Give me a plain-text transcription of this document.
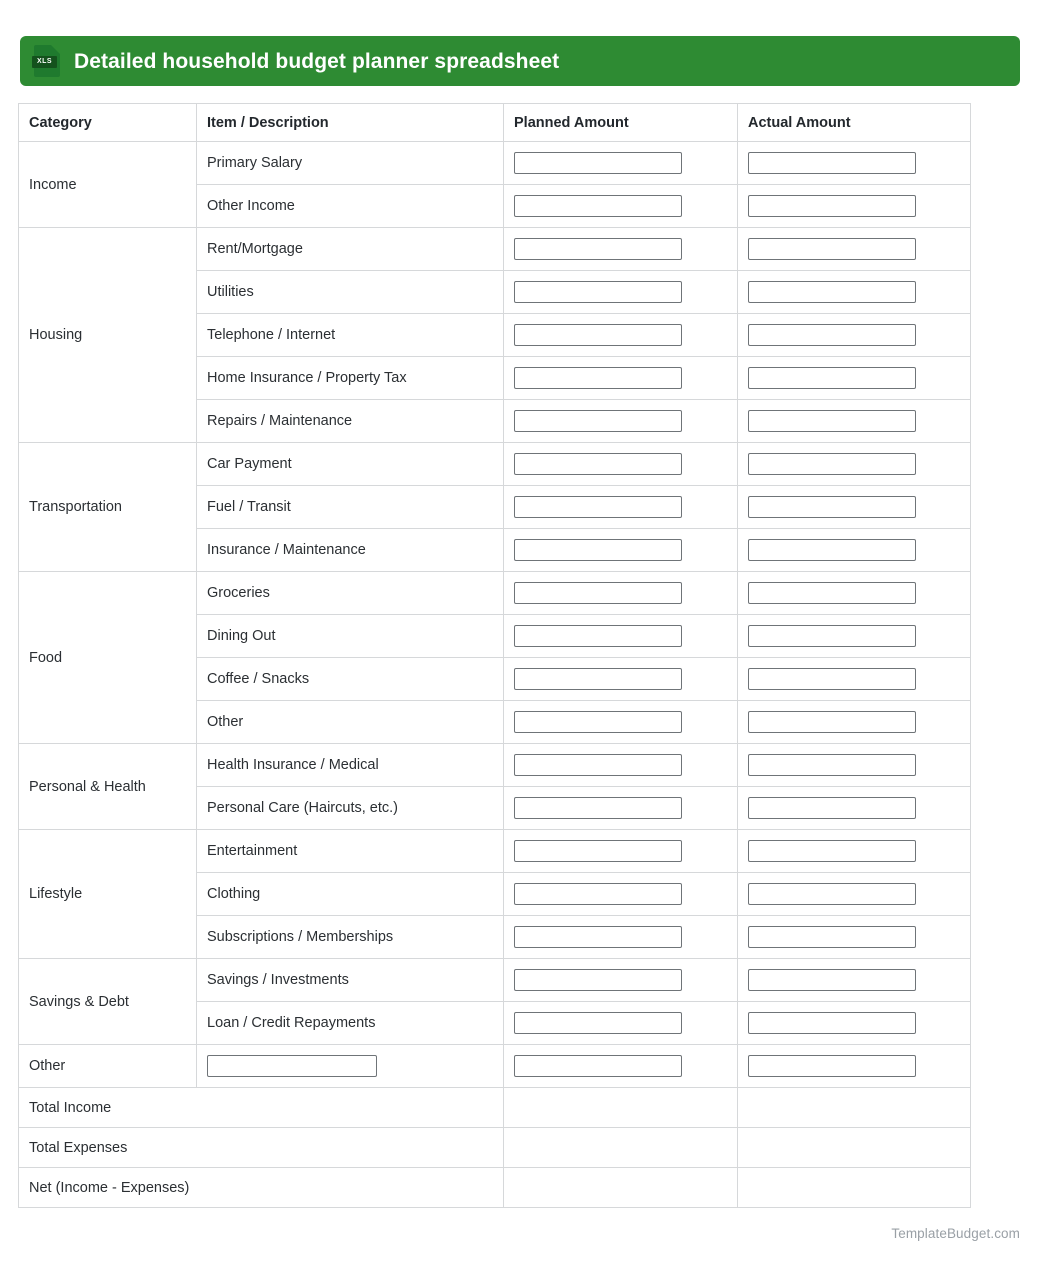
XLS Detailed household budget planner spreadsheet
Category	Item / Description	Planned Amount	Actual Amount
Income	Primary Salary	

	Other Income	

Housing	Rent/Mortgage	

	Utilities	

	Telephone / Internet	

	Home Insurance / Property Tax	

	Repairs / Maintenance	

Transportation	Car Payment	

	Fuel / Transit	

	Insurance / Maintenance	

Food	Groceries	

	Dining Out	

	Coffee / Snacks	

	Other	

Personal & Health	Health Insurance / Medical	

	Personal Care (Haircuts, etc.)	

Lifestyle	Entertainment	

	Clothing	

	Subscriptions / Memberships	

Savings & Debt	Savings / Investments	

	Loan / Credit Repayments	

Other	

Total Income			
Total Expenses			
Net (Income - Expenses)			
TemplateBudget.com
